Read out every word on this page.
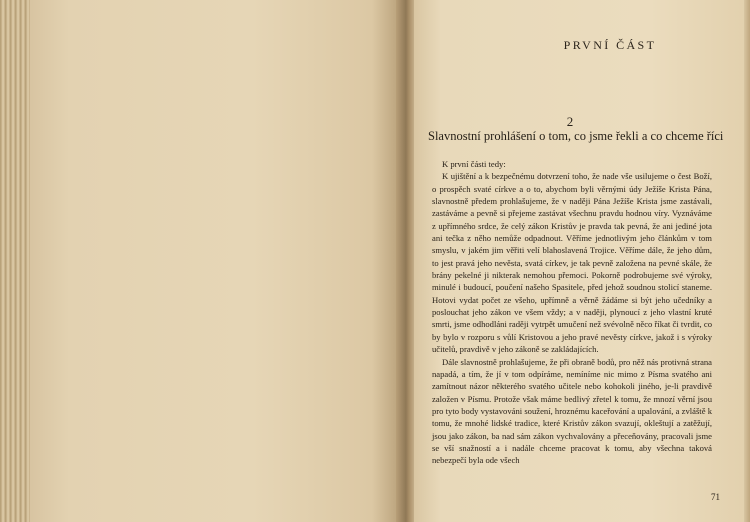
PRVNÍ ČÁST
2
Slavnostní prohlášení o tom, co jsme řekli a co chceme říci

K první části tedy:

K ujištění a k bezpečnému dotvrzení toho, že nade vše usilujeme o čest Boží, o prospěch svaté církve a o to, abychom byli věrnými údy Ježíše Krista Pána, slavnostně předem prohlašujeme, že v naději Pána Ježíše Krista jsme zastávali, zastáváme a pevně si přejeme zastávat všechnu pravdu hodnou víry. Vyznáváme z upřímného srdce, že celý zákon Kristův je pravda tak pevná, že ani jediné jota ani tečka z něho nemůže odpadnout. Věříme jednotlivým jeho článkům v tom smyslu, v jakém jim věřiti velí blahoslavená Trojice. Věříme dále, že jeho dům, to jest pravá jeho nevěsta, svatá církev, je tak pevně založena na pevné skále, že brány pekelné ji nikterak nemohou přemoci. Pokorně podrobujeme své výroky, minulé i budoucí, poučení našeho Spasitele, před jehož soudnou stolicí staneme. Hotovi vydat počet ze všeho, upřímně a věrně žádáme si být jeho učedníky a poslouchat jeho zákon ve všem vždy; a v naději, plynoucí z jeho vlastní kruté smrti, jsme odhodláni raději vytrpět umučení než svévolně něco říkat či tvrdit, co by bylo v rozporu s vůlí Kristovou a jeho pravé nevěsty církve, jakož i s výroky učitelů, pravdivě v jeho zákoně se zakládajících.

Dále slavnostně prohlašujeme, že při obraně bodů, pro něž nás protivná strana napadá, a tím, že jí v tom odpíráme, nemíníme nic mimo z Písma svatého ani zamítnout názor některého svatého učitele nebo kohokoli jiného, je-li pravdivě založen v Písmu. Protože však máme bedlivý zřetel k tomu, že mnozí věrní jsou pro tyto body vystavováni soužení, hroznému kaceřování a upalování, a zvláště k tomu, že mnohé lidské tradice, které Kristův zákon svazují, okleštují a zatěžují, jsou jako zákon, ba nad sám zákon vychvalovány a přeceňovány, pracovali jsme se vší snažností a i nadále chceme pracovat k tomu, aby všechna taková nebezpečí byla ode všech

71
